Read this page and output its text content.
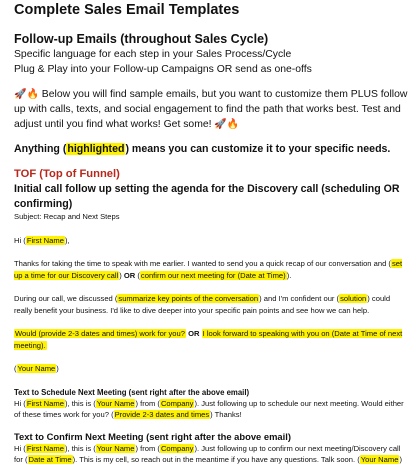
Complete Sales Email Templates
Follow-up Emails (throughout Sales Cycle)

Specific language for each step in your Sales Process/Cycle

Plug & Play into your Follow-up Campaigns OR send as one-offs

🚀🔥 Below you will find sample emails, but you want to customize them PLUS follow up with calls, texts, and social engagement to find the path that works best. Test and adjust until you find what works! Get some! 🚀🔥

Anything (highlighted) means you can customize it to your specific needs.

TOF (Top of Funnel)

Initial call follow up setting the agenda for the Discovery call (scheduling OR confirming)

Subject: Recap and Next Steps

Hi (First Name),

Thanks for taking the time to speak with me earlier. I wanted to send you a quick recap of our conversation and (set up a time for our Discovery call) OR (confirm our next meeting for (Date at Time)).

During our call, we discussed (summarize key points of the conversation) and I'm confident our (solution) could really benefit your business. I'd like to dive deeper into your specific pain points and see how we can help.

Would (provide 2-3 dates and times) work for you? OR I look forward to speaking with you on (Date at Time of next meeting).

(Your Name)

Text to Schedule Next Meeting (sent right after the above email)

Hi (First Name), this is (Your Name) from (Company). Just following up to schedule our next meeting. Would either of these times work for you? (Provide 2-3 dates and times) Thanks!

Text to Confirm Next Meeting (sent right after the above email)

Hi (First Name), this is (Your Name) from (Company). Just following up to confirm our next meeting/Discovery call for (Date at Time). This is my cell, so reach out in the meantime if you have any questions. Talk soon. (Your Name)
